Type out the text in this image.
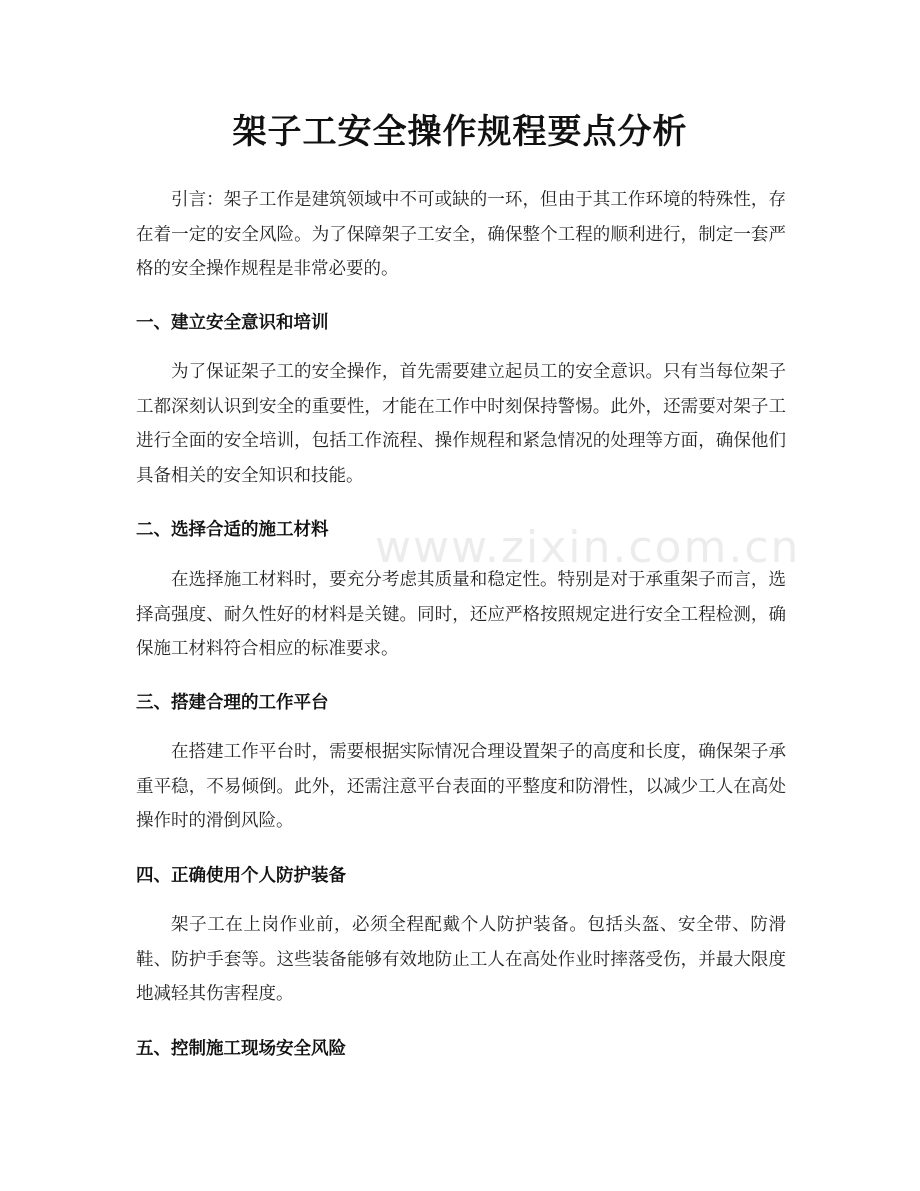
www.zixin.com.cn
架子工安全操作规程要点分析

引言：架子工作是建筑领域中不可或缺的一环，但由于其工作环境的特殊性，存在着一定的安全风险。为了保障架子工安全，确保整个工程的顺利进行，制定一套严格的安全操作规程是非常必要的。

一、建立安全意识和培训

为了保证架子工的安全操作，首先需要建立起员工的安全意识。只有当每位架子工都深刻认识到安全的重要性，才能在工作中时刻保持警惕。此外，还需要对架子工进行全面的安全培训，包括工作流程、操作规程和紧急情况的处理等方面，确保他们具备相关的安全知识和技能。

二、选择合适的施工材料

在选择施工材料时，要充分考虑其质量和稳定性。特别是对于承重架子而言，选择高强度、耐久性好的材料是关键。同时，还应严格按照规定进行安全工程检测，确保施工材料符合相应的标准要求。

三、搭建合理的工作平台

在搭建工作平台时，需要根据实际情况合理设置架子的高度和长度，确保架子承重平稳，不易倾倒。此外，还需注意平台表面的平整度和防滑性，以减少工人在高处操作时的滑倒风险。

四、正确使用个人防护装备

架子工在上岗作业前，必须全程配戴个人防护装备。包括头盔、安全带、防滑鞋、防护手套等。这些装备能够有效地防止工人在高处作业时摔落受伤，并最大限度地减轻其伤害程度。

五、控制施工现场安全风险
